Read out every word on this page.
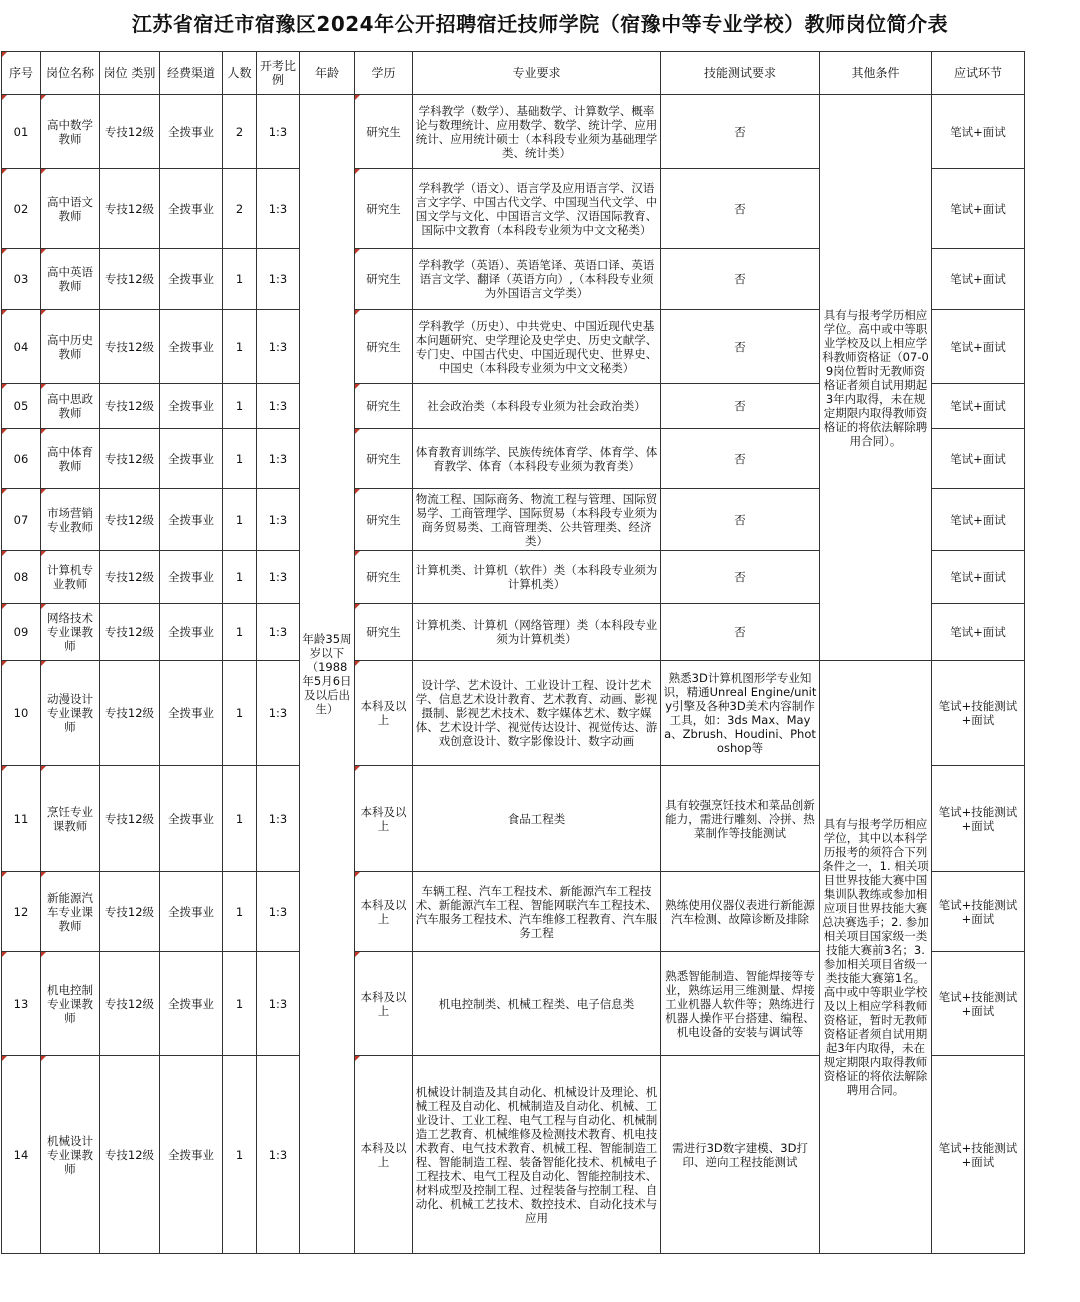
江苏省宿迁市宿豫区2024年公开招聘宿迁技师学院（宿豫中等专业学校）教师岗位简介表
序号	岗位名称	岗位 类别	经费渠道	人数	开考比例	年龄	学历	专业要求	技能测试要求	其他条件	应试环节
01	高中数学教师	专技12级	全拨事业	2	1:3	年龄35周岁以下（1988年5月6日及以后出生）	研究生	学科教学（数学）、基础数学、计算数学、概率论与数理统计、应用数学、数学、统计学、应用统计、应用统计硕士（本科段专业须为基础理学类、统计类）	否	具有与报考学历相应学位。高中或中等职业学校及以上相应学科教师资格证（07-09岗位暂时无教师资格证者须自试用期起3年内取得，未在规定期限内取得教师资格证的将依法解除聘用合同）。	笔试+面试
02	高中语文教师	专技12级	全拨事业	2	1:3		研究生	学科教学（语文）、语言学及应用语言学、汉语言文字学、中国古代文学、中国现当代文学、中国文学与文化、中国语言文学、汉语国际教育、国际中文教育（本科段专业须为中文文秘类）	否		笔试+面试
03	高中英语教师	专技12级	全拨事业	1	1:3		研究生	学科教学（英语）、英语笔译、英语口译、英语语言文学、翻译（英语方向）,（本科段专业须为外国语言文学类）	否		笔试+面试
04	高中历史教师	专技12级	全拨事业	1	1:3		研究生	学科教学（历史）、中共党史、中国近现代史基本问题研究、史学理论及史学史、历史文献学、专门史、中国古代史、中国近现代史、世界史、中国史（本科段专业须为中文文秘类）	否		笔试+面试
05	高中思政教师	专技12级	全拨事业	1	1:3		研究生	社会政治类（本科段专业须为社会政治类）	否		笔试+面试
06	高中体育教师	专技12级	全拨事业	1	1:3		研究生	体育教育训练学、民族传统体育学、体育学、体育教学、体育（本科段专业须为教育类）	否		笔试+面试
07	市场营销专业教师	专技12级	全拨事业	1	1:3		研究生	物流工程、国际商务、物流工程与管理、国际贸易学、工商管理学、国际贸易（本科段专业须为商务贸易类、工商管理类、公共管理类、经济类）	否		笔试+面试
08	计算机专业教师	专技12级	全拨事业	1	1:3		研究生	计算机类、计算机（软件）类（本科段专业须为计算机类）	否		笔试+面试
09	网络技术专业课教师	专技12级	全拨事业	1	1:3		研究生	计算机类、计算机（网络管理）类（本科段专业须为计算机类）	否		笔试+面试
10	动漫设计专业课教师	专技12级	全拨事业	1	1:3		本科及以上	设计学、艺术设计、工业设计工程、设计艺术学、信息艺术设计教育、艺术教育、动画、影视摄制、影视艺术技术、数字媒体艺术、数字媒体、艺术设计学、视觉传达设计、视觉传达、游戏创意设计、数字影像设计、数字动画	熟悉3D计算机图形学专业知识，精通Unreal Engine/unity引擎及各种3D美术内容制作工具，如：3ds Max、Maya、Zbrush、Houdini、Photoshop等	具有与报考学历相应学位，其中以本科学历报考的须符合下列条件之一，1. 相关项目世界技能大赛中国集训队教练或参加相应项目世界技能大赛总决赛选手；2. 参加相关项目国家级一类技能大赛前3名；3. 参加相关项目省级一类技能大赛第1名。高中或中等职业学校及以上相应学科教师资格证，暂时无教师资格证者须自试用期起3年内取得，未在规定期限内取得教师资格证的将依法解除聘用合同。	笔试+技能测试+面试
11	烹饪专业课教师	专技12级	全拨事业	1	1:3		本科及以上	食品工程类	具有较强烹饪技术和菜品创新能力，需进行雕刻、冷拼、热菜制作等技能测试		笔试+技能测试+面试
12	新能源汽车专业课教师	专技12级	全拨事业	1	1:3		本科及以上	车辆工程、汽车工程技术、新能源汽车工程技术、新能源汽车工程、智能网联汽车工程技术、汽车服务工程技术、汽车维修工程教育、汽车服务工程	熟练使用仪器仪表进行新能源汽车检测、故障诊断及排除		笔试+技能测试+面试
13	机电控制专业课教师	专技12级	全拨事业	1	1:3		本科及以上	机电控制类、机械工程类、电子信息类	熟悉智能制造、智能焊接等专业，熟练运用三维测量、焊接工业机器人软件等；熟练进行机器人操作平台搭建、编程、机电设备的安装与调试等		笔试+技能测试+面试
14	机械设计专业课教师	专技12级	全拨事业	1	1:3		本科及以上	机械设计制造及其自动化、机械设计及理论、机械工程及自动化、机械制造及自动化、机械、工业设计、工业工程、电气工程与自动化、机械制造工艺教育、机械维修及检测技术教育、机电技术教育、电气技术教育、机械工程、智能制造工程、智能制造工程、装备智能化技术、机械电子工程技术、电气工程及自动化、智能控制技术、材料成型及控制工程、过程装备与控制工程、自动化、机械工艺技术、数控技术、自动化技术与应用	需进行3D数字建模、3D打印、逆向工程技能测试		笔试+技能测试+面试
